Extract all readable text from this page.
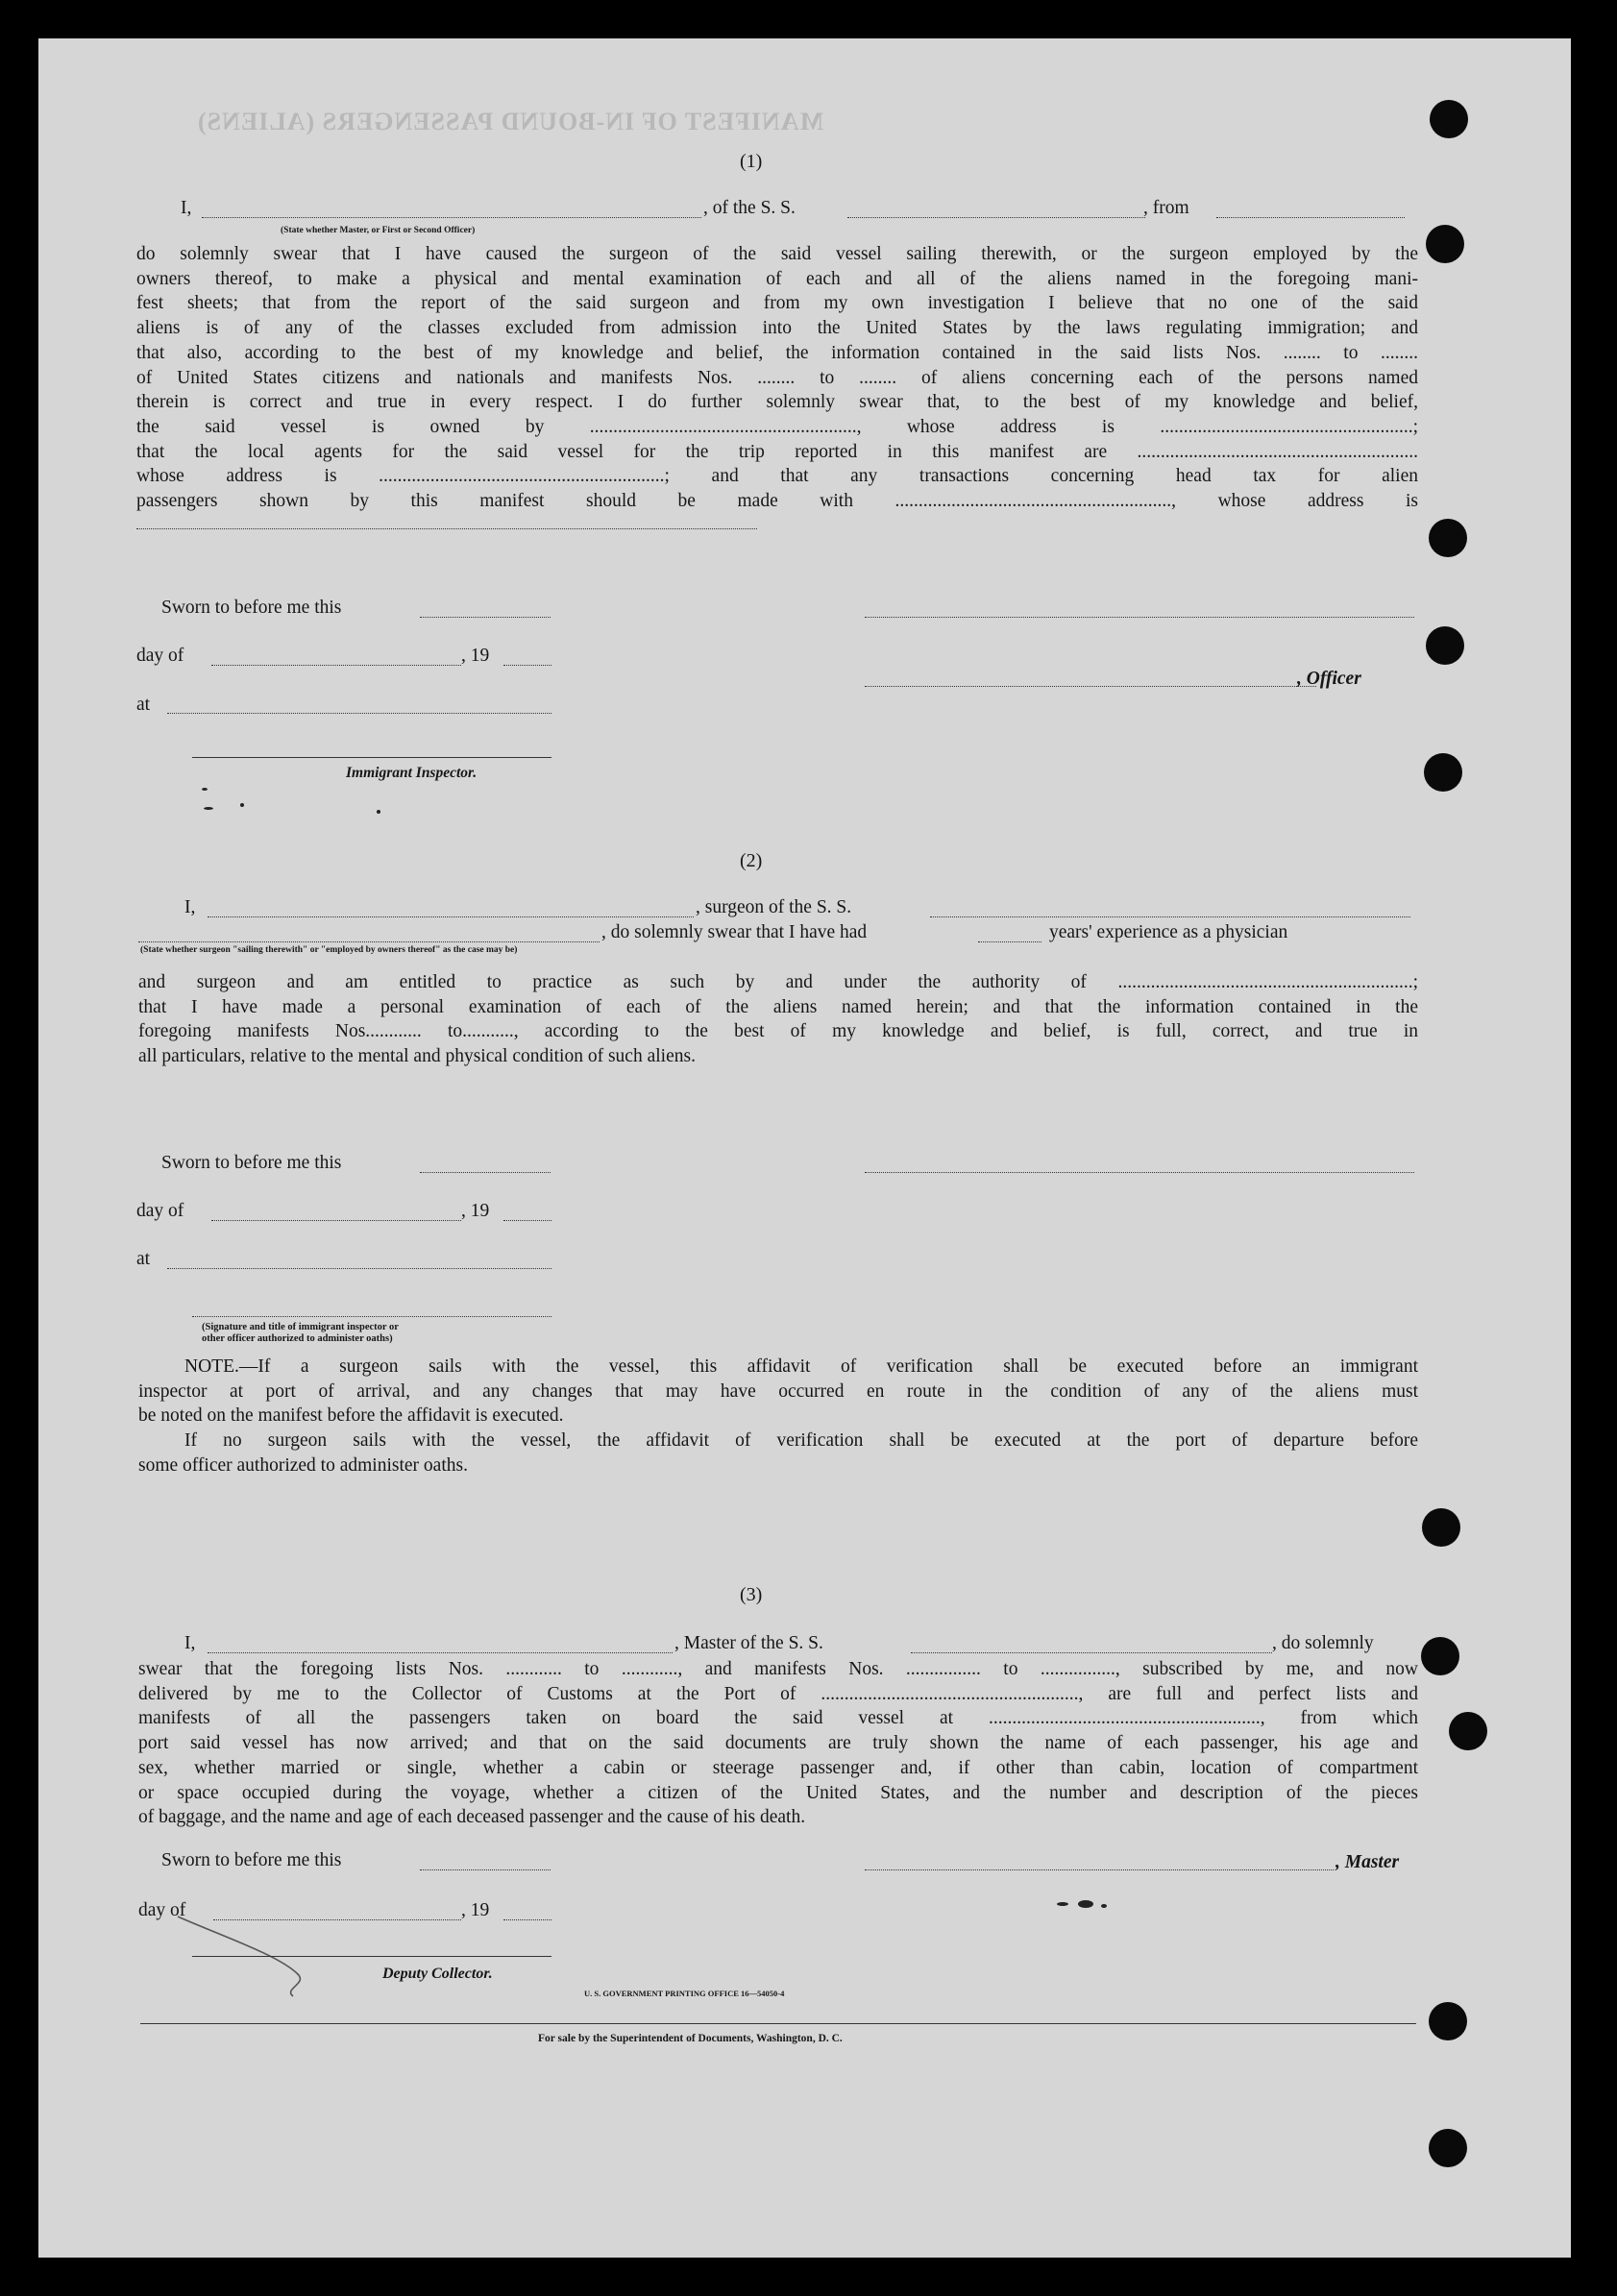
MANIFEST OF IN-BOUND PASSENGERS (ALIENS)
(1)
I,	, of the S. S.	, from
(State whether Master, or First or Second Officer)
do solemnly swear that I have caused the surgeon of the said vessel sailing therewith, or the surgeon employed by the
owners thereof, to make a physical and mental examination of each and all of the aliens named in the foregoing mani-
fest sheets; that from the report of the said surgeon and from my own investigation I believe that no one of the said
aliens is of any of the classes excluded from admission into the United States by the laws regulating immigration; and
that also, according to the best of my knowledge and belief, the information contained in the said lists Nos. ........ to ........
of United States citizens and nationals and manifests Nos. ........ to ........ of aliens concerning each of the persons named
therein is correct and true in every respect. I do further solemnly swear that, to the best of my knowledge and belief,
the said vessel is owned by ........................................................., whose address is ......................................................;
that the local agents for the said vessel for the trip reported in this manifest are ............................................................
whose address is .............................................................; and that any transactions concerning head tax for alien
passengers shown by this manifest should be made with ..........................................................., whose address is
Sworn to before me this
day of	, 19
, Officer
at
Immigrant Inspector.
(2)
I,	, surgeon of the S. S.
, do solemnly swear that I have had	years' experience as a physician
(State whether surgeon "sailing therewith" or "employed by owners thereof" as the case may be)
and surgeon and am entitled to practice as such by and under the authority of ...............................................................;
that I have made a personal examination of each of the aliens named herein; and that the information contained in the
foregoing manifests Nos............ to..........., according to the best of my knowledge and belief, is full, correct, and true in
all particulars, relative to the mental and physical condition of such aliens.
Sworn to before me this
day of	, 19
at
(Signature and title of immigrant inspector or
other officer authorized to administer oaths)
NOTE.—If a surgeon sails with the vessel, this affidavit of verification shall be executed before an immigrant
inspector at port of arrival, and any changes that may have occurred en route in the condition of any of the aliens must
be noted on the manifest before the affidavit is executed.
If no surgeon sails with the vessel, the affidavit of verification shall be executed at the port of departure before
some officer authorized to administer oaths.
(3)
I,	, Master of the S. S.	, do solemnly
swear that the foregoing lists Nos. ............ to ............, and manifests Nos. ................ to ................, subscribed by me, and now
delivered by me to the Collector of Customs at the Port of ......................................................., are full and perfect lists and
manifests of all the passengers taken on board the said vessel at .........................................................., from which
port said vessel has now arrived; and that on the said documents are truly shown the name of each passenger, his age and
sex, whether married or single, whether a cabin or steerage passenger and, if other than cabin, location of compartment
or space occupied during the voyage, whether a citizen of the United States, and the number and description of the pieces
of baggage, and the name and age of each deceased passenger and the cause of his death.
Sworn to before me this	, Master
day of	, 19
Deputy Collector.
U. S. GOVERNMENT PRINTING OFFICE 16—54050-4
For sale by the Superintendent of Documents, Washington, D. C.
